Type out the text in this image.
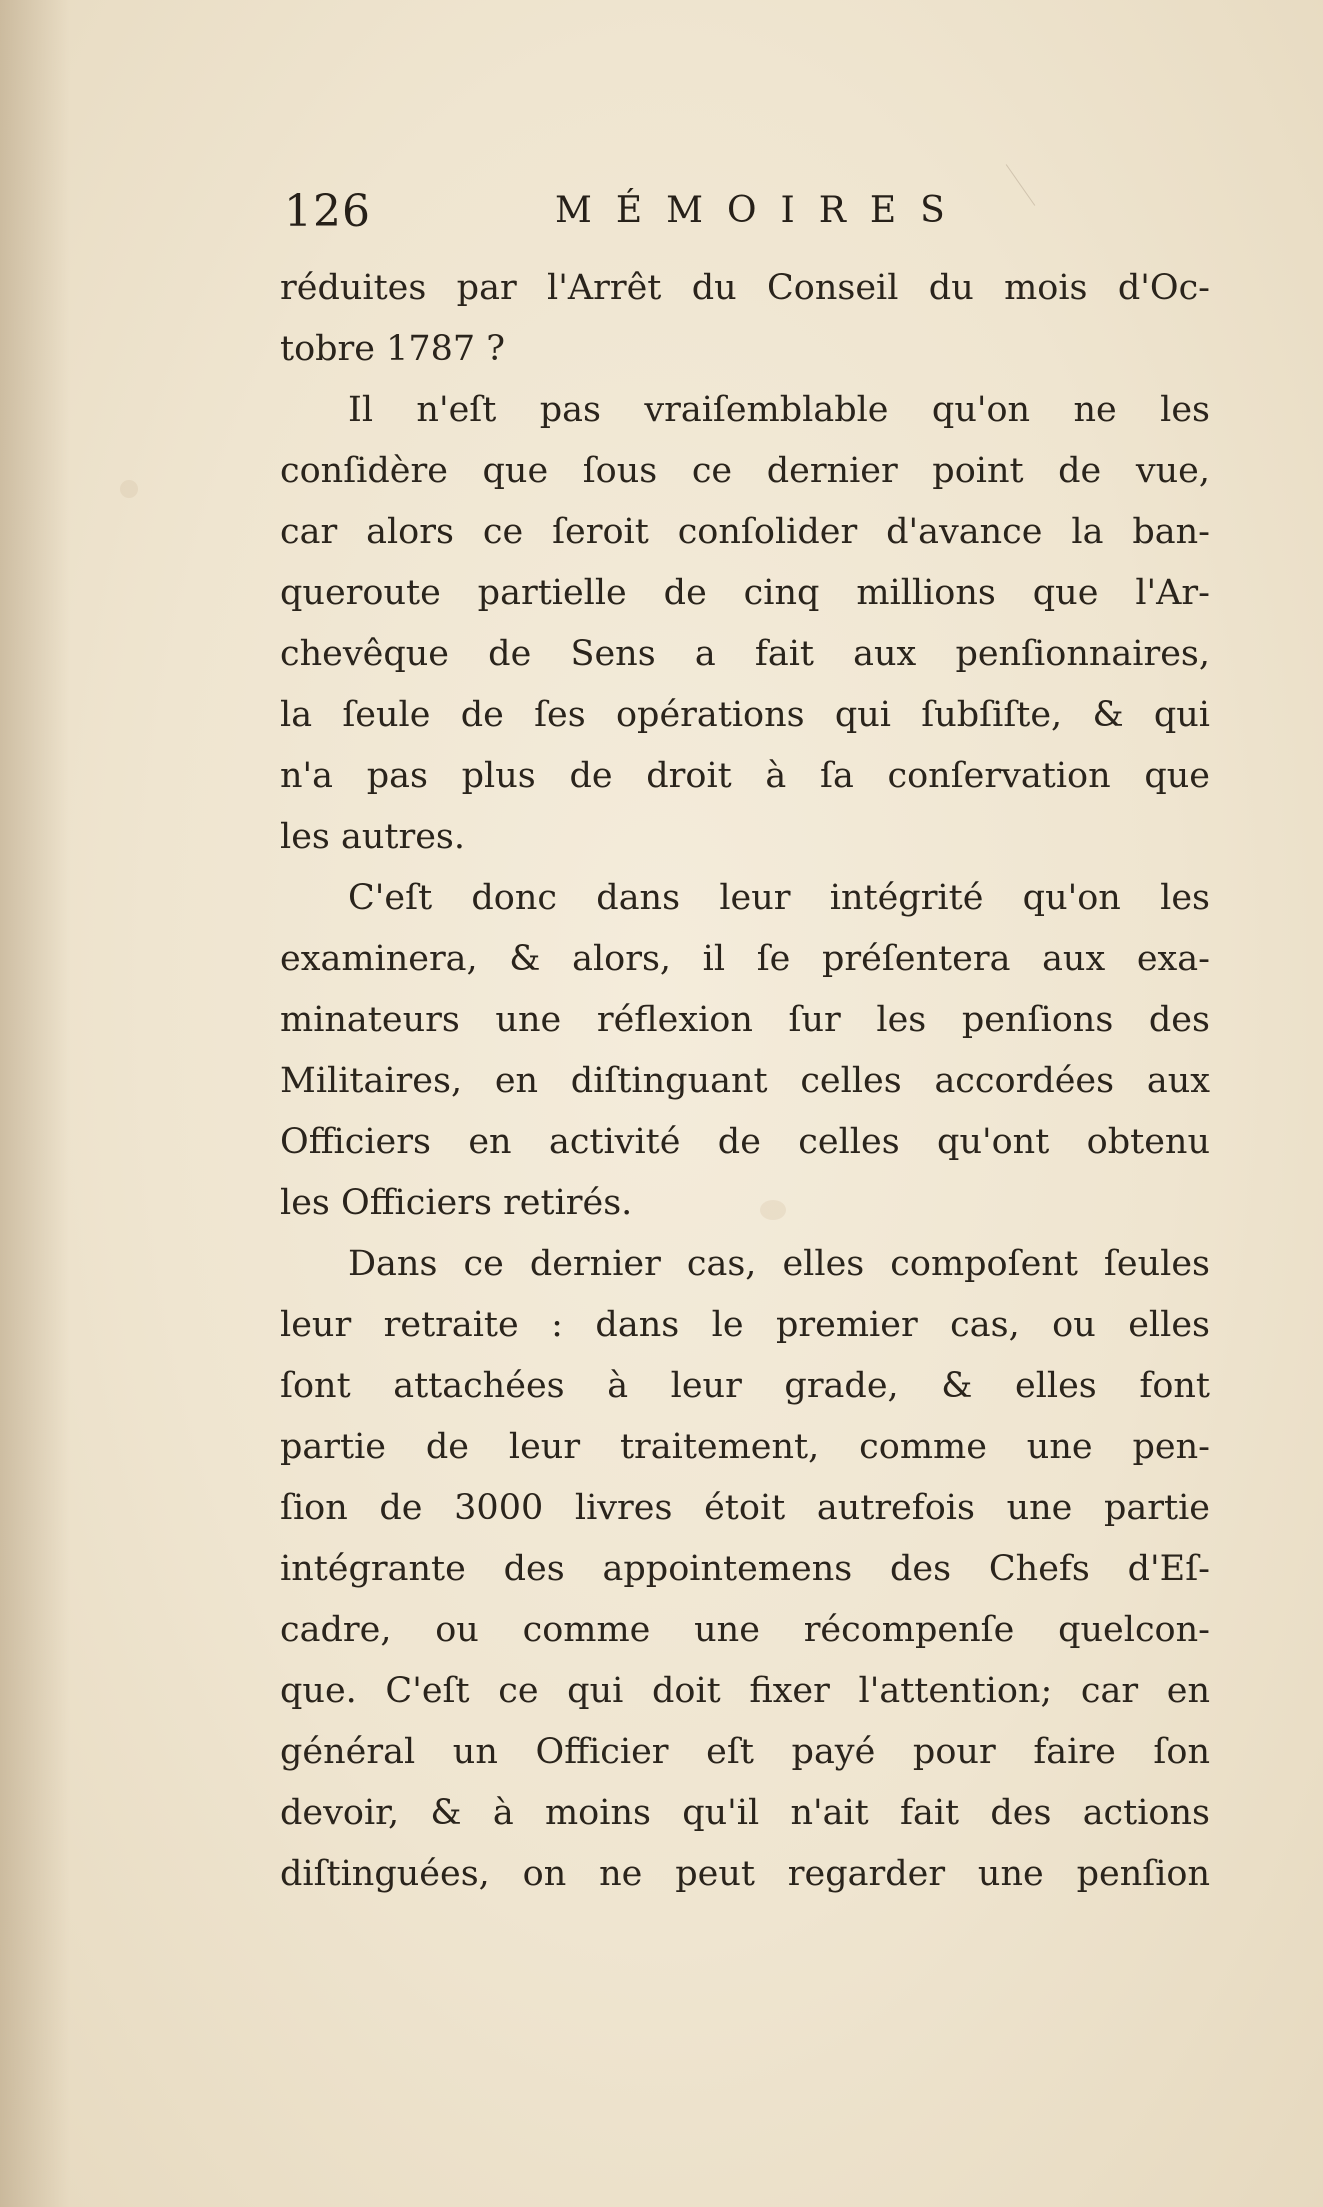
126	MÉMOIRES
réduites par l'Arrêt du Conseil du mois d'Oc-
tobre 1787 ?
Il n'eſt pas vraiſemblable qu'on ne les
conſidère que ſous ce dernier point de vue,
car alors ce ſeroit conſolider d'avance la ban-
queroute partielle de cinq millions que l'Ar-
chevêque de Sens a fait aux penſionnaires,
la ſeule de ſes opérations qui ſubſiſte, & qui
n'a pas plus de droit à ſa conſervation que
les autres.
C'eſt donc dans leur intégrité qu'on les
examinera, & alors, il ſe préſentera aux exa-
minateurs une réflexion ſur les penſions des
Militaires, en diſtinguant celles accordées aux
Officiers en activité de celles qu'ont obtenu
les Officiers retirés.
Dans ce dernier cas, elles compoſent ſeules
leur retraite : dans le premier cas, ou elles
ſont attachées à leur grade, & elles font
partie de leur traitement, comme une pen-
ſion de 3000 livres étoit autrefois une partie
intégrante des appointemens des Chefs d'Eſ-
cadre, ou comme une récompenſe quelcon-
que. C'eſt ce qui doit fixer l'attention; car en
général un Officier eſt payé pour faire ſon
devoir, & à moins qu'il n'ait fait des actions
diſtinguées, on ne peut regarder une penſion
